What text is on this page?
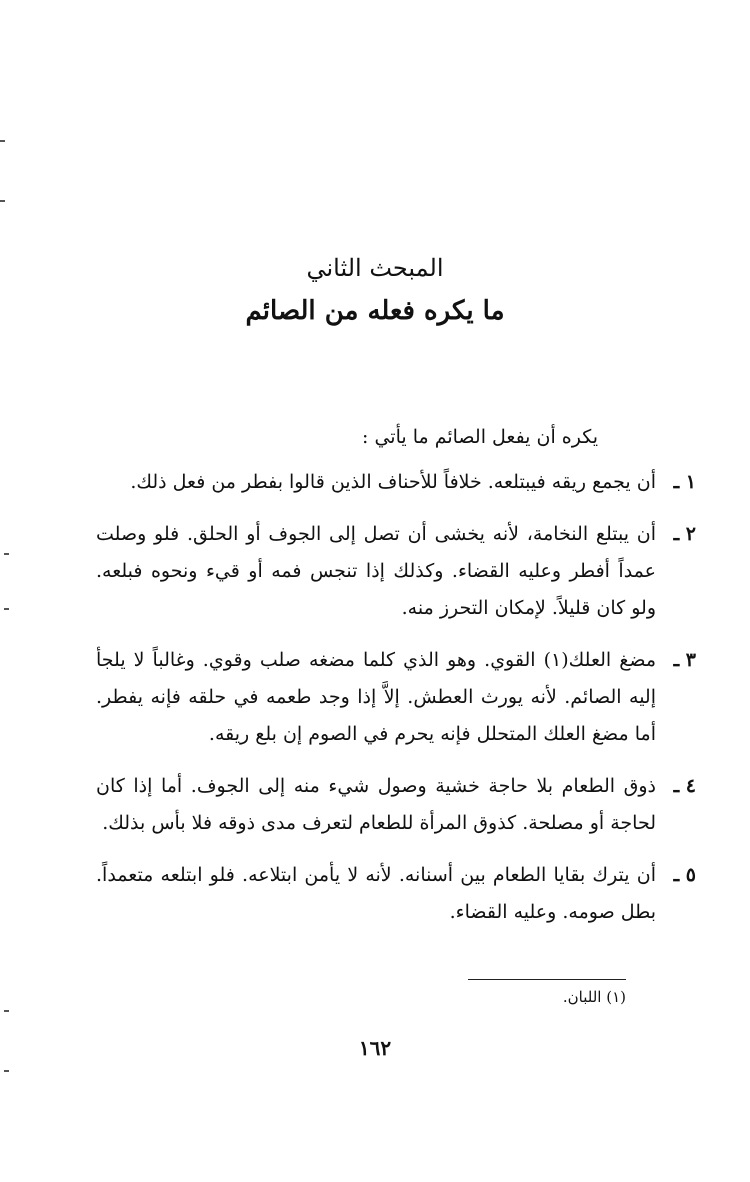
المبحث الثاني
ما يكره فعله من الصائم
يكره أن يفعل الصائم ما يأتي :
١ ـ
أن يجمع ريقه فيبتلعه. خلافاً للأحناف الذين قالوا بفطر من فعل ذلك.
٢ ـ
أن يبتلع النخامة، لأنه يخشى أن تصل إلى الجوف أو الحلق. فلو وصلت عمداً أفطر وعليه القضاء. وكذلك إذا تنجس فمه أو قيء ونحوه فبلعه. ولو كان قليلاً. لإمكان التحرز منه.
٣ ـ
مضغ العلك(١) القوي. وهو الذي كلما مضغه صلب وقوي. وغالباً لا يلجأ إليه الصائم. لأنه يورث العطش. إلاَّ إذا وجد طعمه في حلقه فإنه يفطر. أما مضغ العلك المتحلل فإنه يحرم في الصوم إن بلع ريقه.
٤ ـ
ذوق الطعام بلا حاجة خشية وصول شيء منه إلى الجوف. أما إذا كان لحاجة أو مصلحة. كذوق المرأة للطعام لتعرف مدى ذوقه فلا بأس بذلك.
٥ ـ
أن يترك بقايا الطعام بين أسنانه. لأنه لا يأمن ابتلاعه. فلو ابتلعه متعمداً. بطل صومه. وعليه القضاء.
(١) اللبان.
١٦٢
